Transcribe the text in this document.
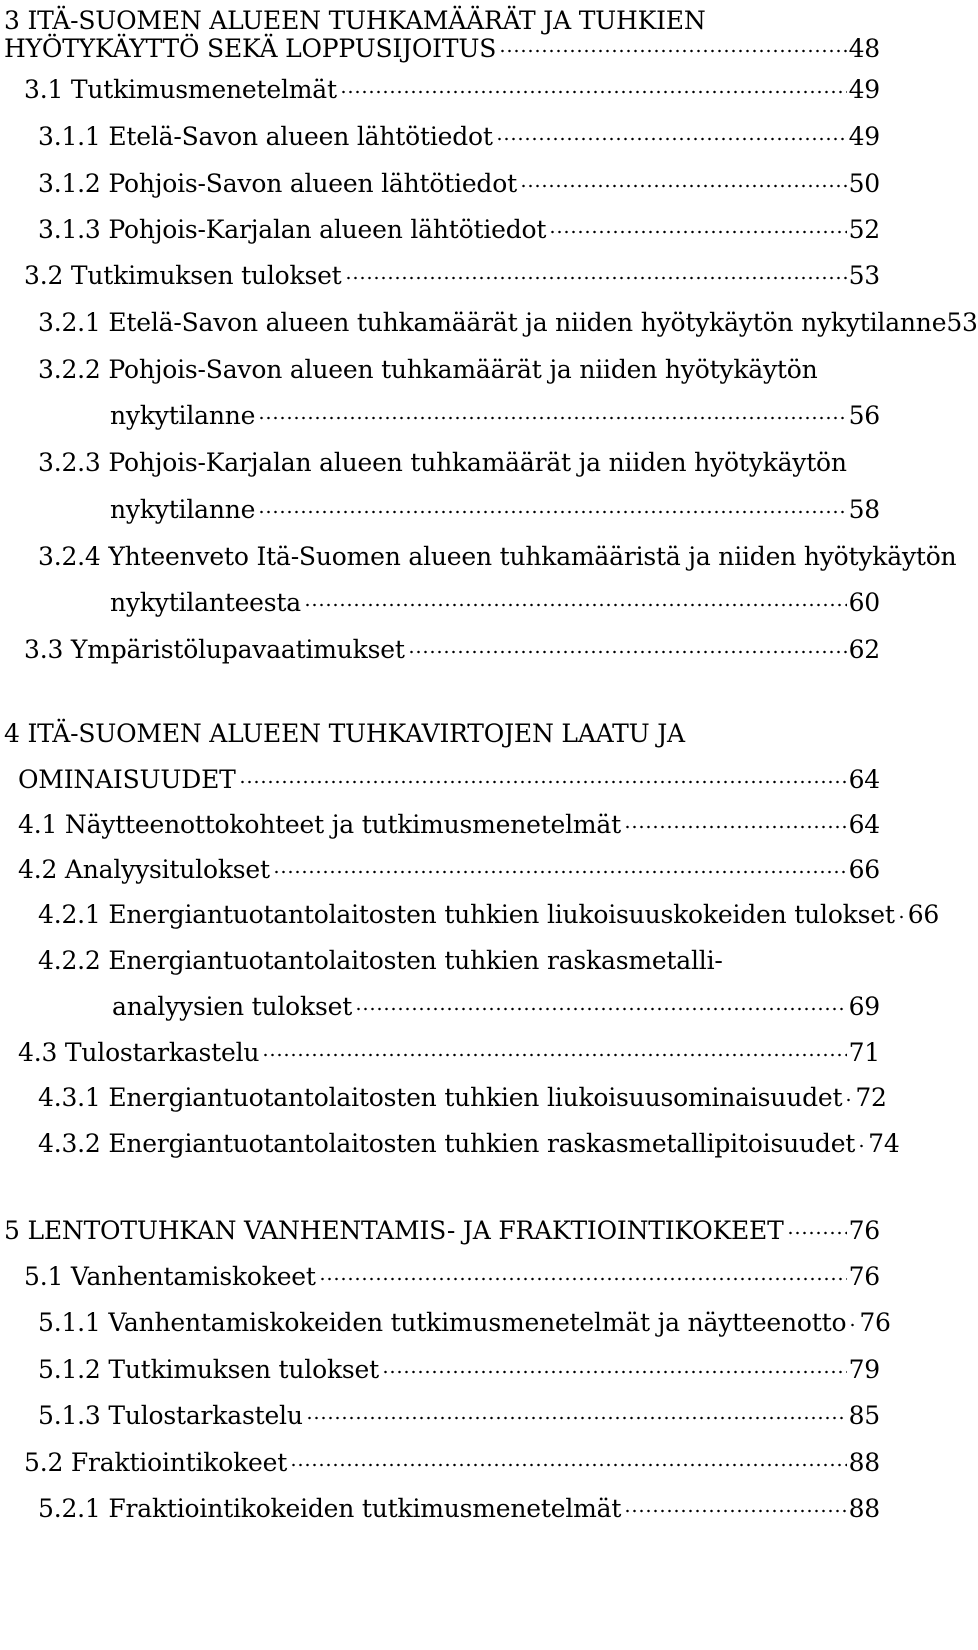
3 ITÄ-SUOMEN ALUEEN TUHKAMÄÄRÄT JA TUHKIEN
HYÖTYKÄYTTÖ SEKÄ LOPPUSIJOITUS	48
3.1 Tutkimusmenetelmät	49
3.1.1 Etelä-Savon alueen lähtötiedot	49
3.1.2 Pohjois-Savon alueen lähtötiedot	50
3.1.3 Pohjois-Karjalan alueen lähtötiedot	52
3.2 Tutkimuksen tulokset	53
3.2.1 Etelä-Savon alueen tuhkamäärät ja niiden hyötykäytön nykytilanne 53
3.2.2 Pohjois-Savon alueen tuhkamäärät ja niiden hyötykäytön
nykytilanne	56
3.2.3 Pohjois-Karjalan alueen tuhkamäärät ja niiden hyötykäytön
nykytilanne	58
3.2.4 Yhteenveto Itä-Suomen alueen tuhkamääristä ja niiden hyötykäytön
nykytilanteesta	60
3.3 Ympäristölupavaatimukset	62
4 ITÄ-SUOMEN ALUEEN TUHKAVIRTOJEN LAATU JA
OMINAISUUDET	64
4.1 Näytteenottokohteet ja tutkimusmenetelmät	64
4.2 Analyysitulokset	66
4.2.1 Energiantuotantolaitosten tuhkien liukoisuuskokeiden tulokset 66
4.2.2 Energiantuotantolaitosten tuhkien raskasmetalli-
analyysien tulokset	69
4.3 Tulostarkastelu	71
4.3.1 Energiantuotantolaitosten tuhkien liukoisuusominaisuudet 72
4.3.2 Energiantuotantolaitosten tuhkien raskasmetallipitoisuudet 74
5 LENTOTUHKAN VANHENTAMIS- JA FRAKTIOINTIKOKEET	76
5.1 Vanhentamiskokeet	76
5.1.1 Vanhentamiskokeiden tutkimusmenetelmät ja näytteenotto 76
5.1.2 Tutkimuksen tulokset	79
5.1.3 Tulostarkastelu	85
5.2 Fraktiointikokeet	88
5.2.1 Fraktiointikokeiden tutkimusmenetelmät	88
